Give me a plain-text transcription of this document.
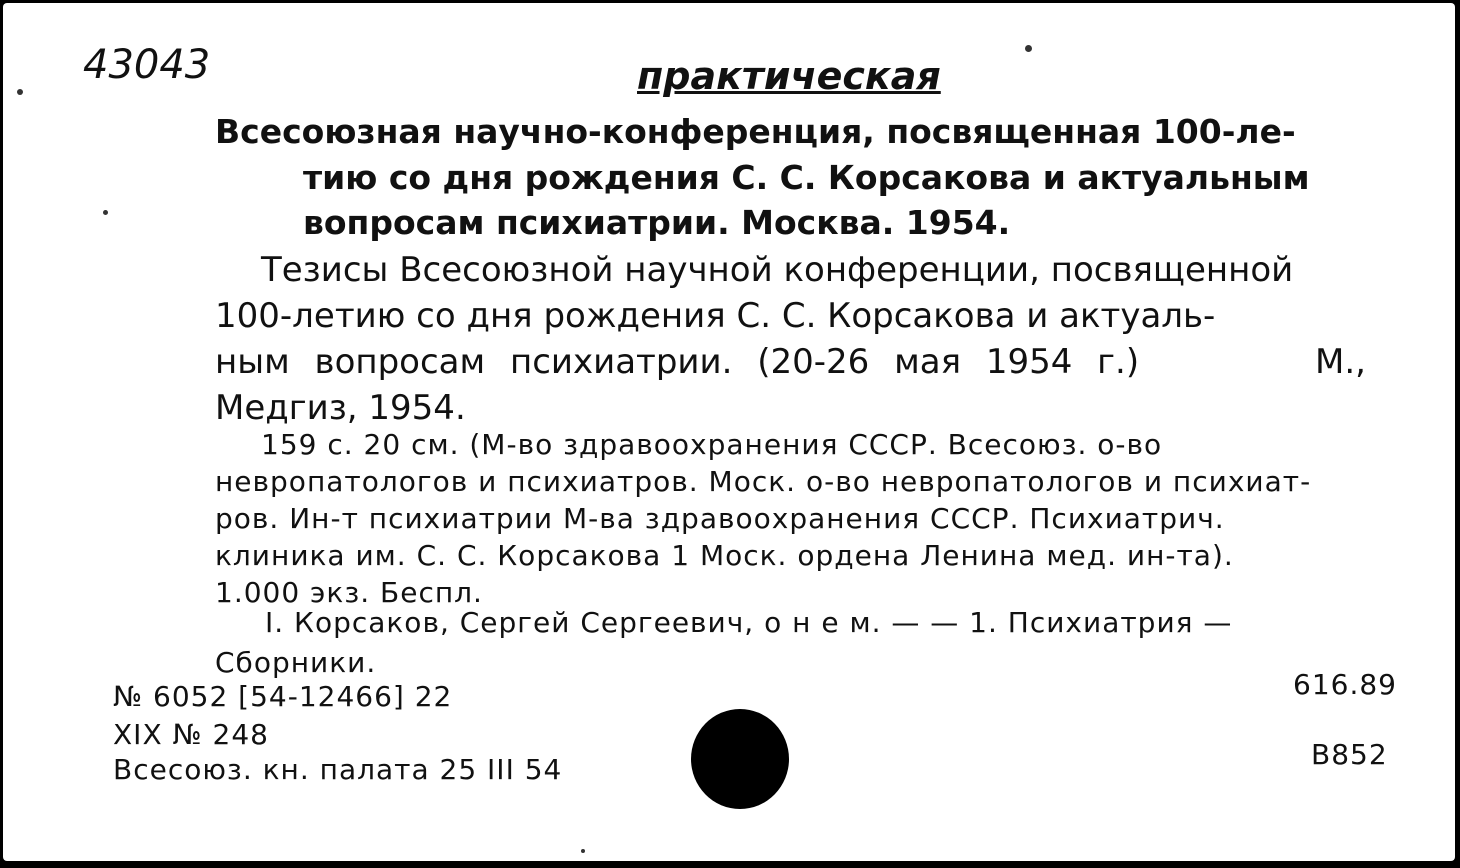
43043	практическая
Всесоюзная научно-конференция, посвященная 100-ле-
тию со дня рождения С. С. Корсакова и актуальным
вопросам психиатрии. Москва. 1954.
Тезисы Всесоюзной научной конференции, посвященной
100-летию со дня рождения С. С. Корсакова и актуаль-
ным вопросам психиатрии. (20-26 мая 1954 г.)	М.,
Медгиз, 1954.
159 с. 20 см. (М-во здравоохранения СССР. Всесоюз. о-во
невропатологов и психиатров. Моск. о-во невропатологов и психиат-
ров. Ин-т психиатрии М-ва здравоохранения СССР. Психиатрич.
клиника им. С. С. Корсакова 1 Моск. ордена Ленина мед. ин-та).
1.000 экз. Беспл.
I. Корсаков, Сергей Сергеевич, о н е м. — — 1. Психиатрия —
Сборники.
№ 6052 [54-12466] 22
XIX № 248
Всесоюз. кн. палата 25 III 54
616.89
В852
